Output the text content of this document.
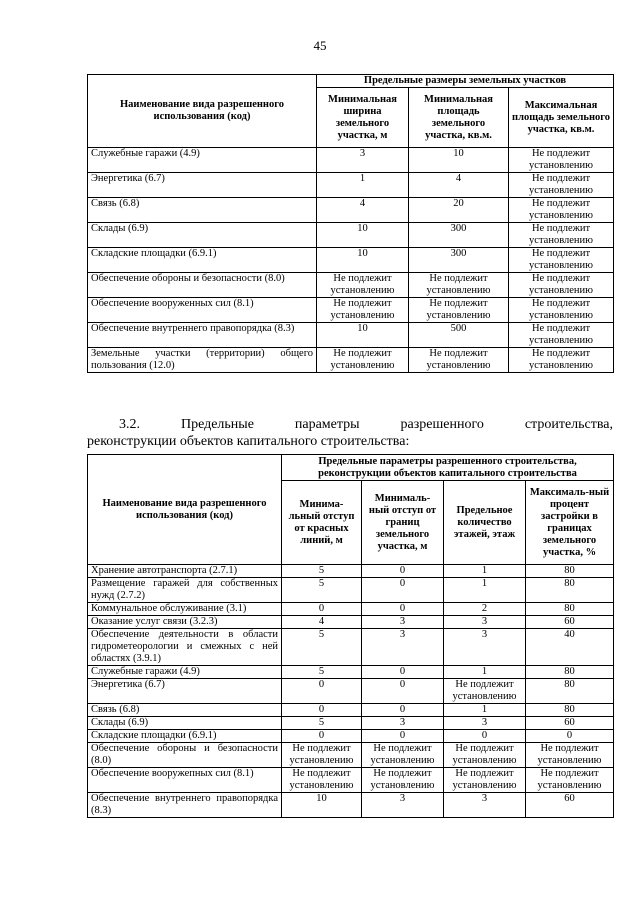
45
Наименование вида разрешенного использования (код)	Предельные размеры земельных участков		
	Минимальная ширина земельного участка, м	Минимальная площадь земельного участка, кв.м.	Максимальная площадь земельного участка, кв.м.
Служебные гаражи (4.9)	3	10	Не подлежит установлению
Энергетика (6.7)	1	4	Не подлежит установлению
Связь (6.8)	4	20	Не подлежит установлению
Склады (6.9)	10	300	Не подлежит установлению
Складские площадки (6.9.1)	10	300	Не подлежит установлению
Обеспечение обороны и безопасности (8.0)	Не подлежит установлению	Не подлежит установлению	Не подлежит установлению
Обеспечение вооруженных сил (8.1)	Не подлежит установлению	Не подлежит установлению	Не подлежит установлению
Обеспечение внутреннего правопорядка (8.3)	10	500	Не подлежит установлению
Земельные участки (территории) общего пользования (12.0)	Не подлежит установлению	Не подлежит установлению	Не подлежит установлению
3.2.	Предельные	параметры	разрешенного	строительства,
реконструкции объектов капитального строительства:
Наименование вида разрешенного использования (код)	Предельные параметры разрешенного строительства, реконструкции объектов капитального строительства			
	Минима-льный отступ от красных линий, м	Минималь-ный отступ от границ земельного участка, м	Предельное количество этажей, этаж	Максималь-ный процент застройки в границах земельного участка, %
Хранение автотранспорта (2.7.1)	5	0	1	80
Размещение гаражей для собственных нужд (2.7.2)	5	0	1	80
Коммунальное обслуживание (3.1)	0	0	2	80
Оказание услуг связи (3.2.3)	4	3	3	60
Обеспечение деятельности в области гидрометеорологии и смежных с ней областях (3.9.1)	5	3	3	40
Служебные гаражи (4.9)	5	0	1	80
Энергетика (6.7)	0	0	Не подлежит установлению	80
Связь (6.8)	0	0	1	80
Склады (6.9)	5	3	3	60
Складские площадки (6.9.1)	0	0	0	0
Обеспечение обороны и безопасности (8.0)	Не подлежит установлению	Не подлежит установлению	Не подлежит установлению	Не подлежит установлению
Обеспечение вооружепных сил (8.1)	Не подлежит установлению	Не подлежит установлению	Не подлежит установлению	Не подлежит установлению
Обеспечение внутреннего правопорядка (8.3)	10	3	3	60
